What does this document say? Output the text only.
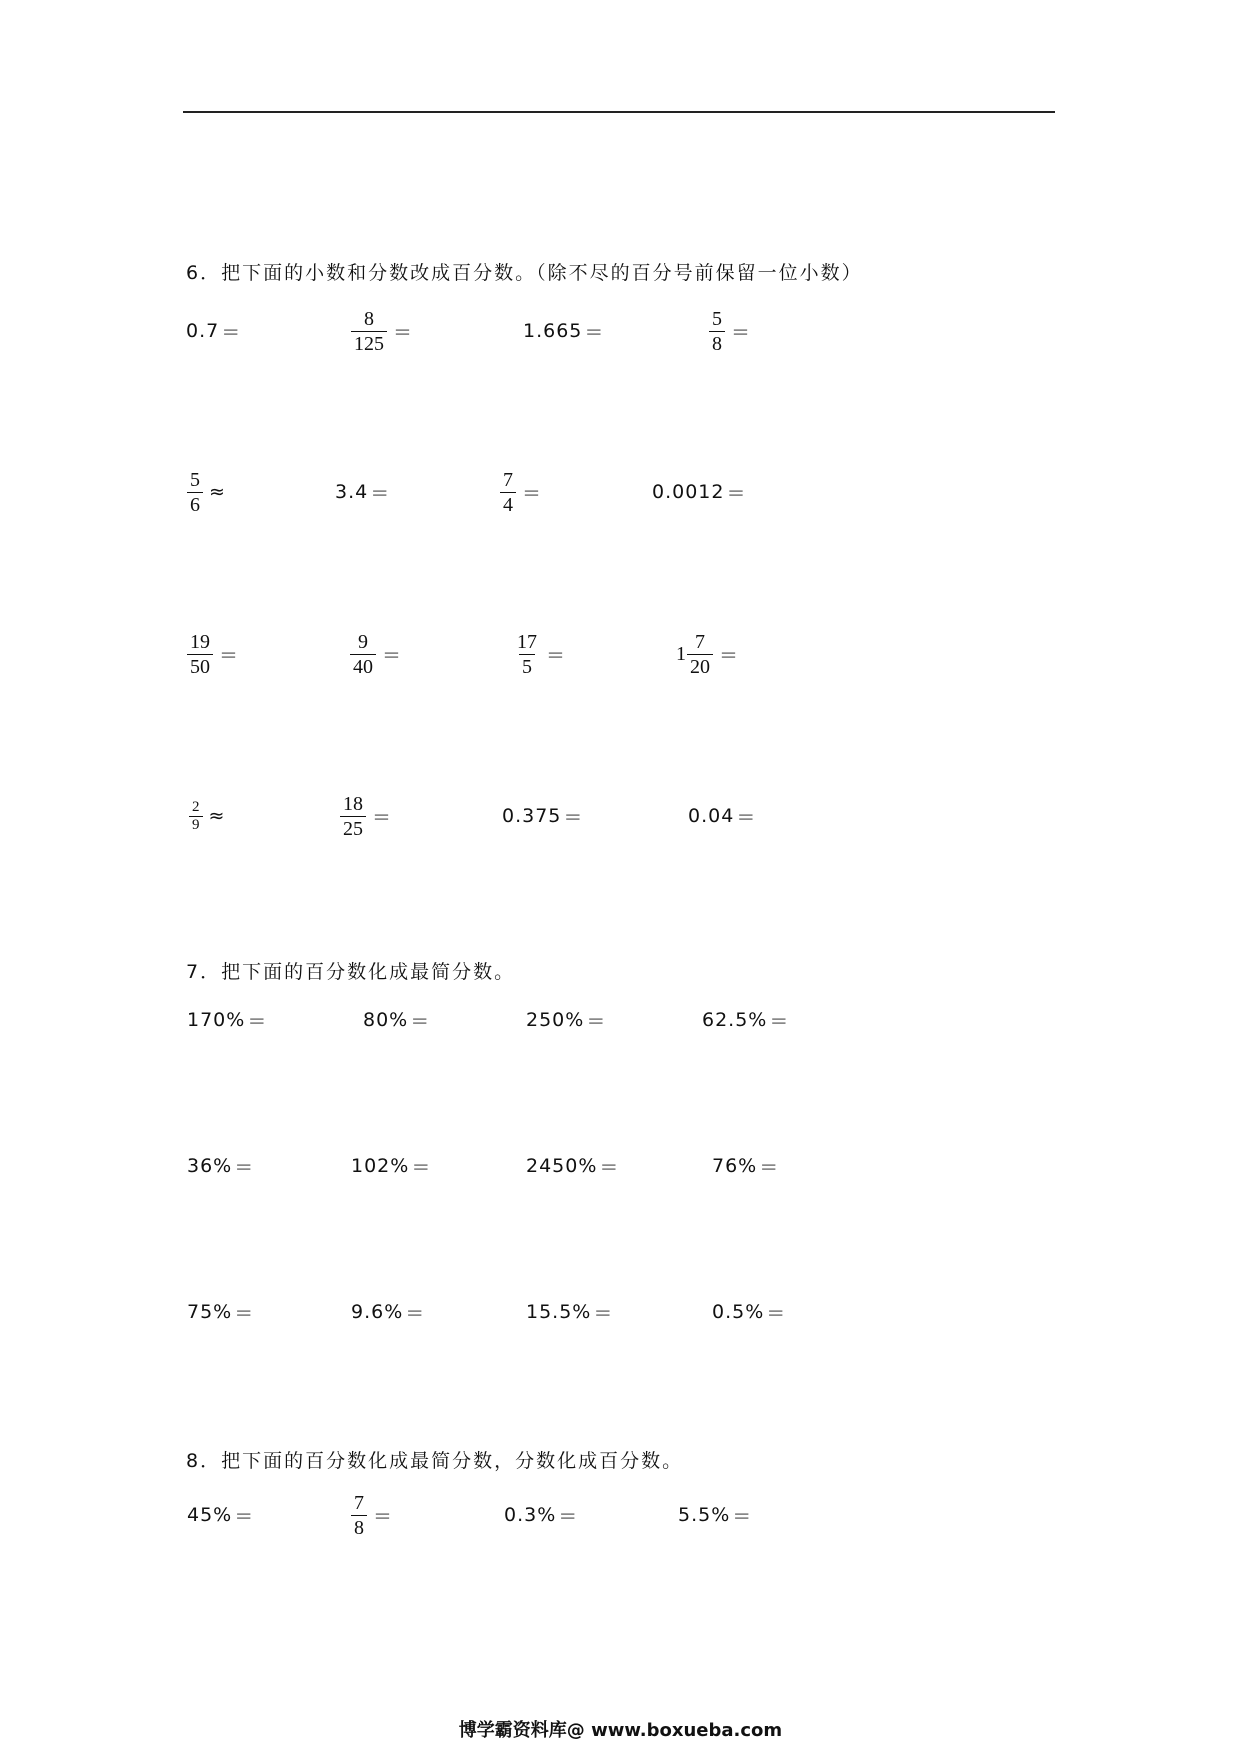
6．把下面的小数和分数改成百分数。（除不尽的百分号前保留一位小数）
0.7 ＝	$\frac{8}{125}$ ＝	1.665 ＝	$\frac{5}{8}$ ＝
$\frac{5}{6}$ ≈	3.4 ＝	$\frac{7}{4}$ ＝	0.0012 ＝
$\frac{19}{50}$ ＝	$\frac{9}{40}$ ＝	$\frac{17}{5}$ ＝	$1 \frac{7}{20}$ ＝
$\frac{2}{9}$ ≈	$\frac{18}{25}$ ＝	0.375 ＝	0.04 ＝
7．把下面的百分数化成最简分数。
170% ＝	80% ＝	250% ＝	62.5% ＝
36% ＝	102% ＝	2450% ＝	76% ＝
75% ＝	9.6% ＝	15.5% ＝	0.5% ＝
8．把下面的百分数化成最简分数，分数化成百分数。
45% ＝	$\frac{7}{8}$ ＝	0.3% ＝	5.5% ＝
博学霸资料库@ www.boxueba.com
